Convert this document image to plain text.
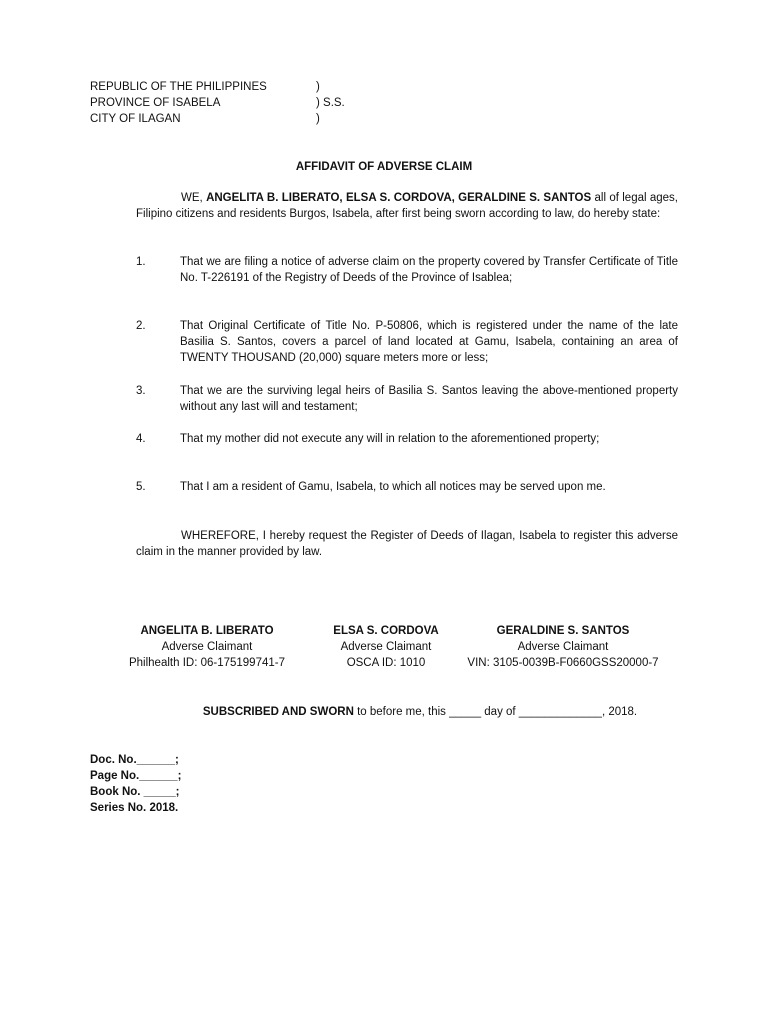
REPUBLIC OF THE PHILIPPINES	)
PROVINCE OF ISABELA	) S.S.
CITY OF ILAGAN	)
AFFIDAVIT OF ADVERSE CLAIM
WE, ANGELITA B. LIBERATO, ELSA S. CORDOVA, GERALDINE S. SANTOS all of legal ages, Filipino citizens and residents Burgos, Isabela, after first being sworn according to law, do hereby state:
1.	That we are filing a notice of adverse claim on the property covered by Transfer Certificate of Title No. T-226191 of the Registry of Deeds of the Province of Isablea;
2.	That Original Certificate of Title No. P-50806, which is registered under the name of the late Basilia S. Santos, covers a parcel of land located at Gamu, Isabela, containing an area of TWENTY THOUSAND (20,000) square meters more or less;
3.	That we are the surviving legal heirs of Basilia S. Santos leaving the above-mentioned property without any last will and testament;
4.	That my mother did not execute any will in relation to the aforementioned property;
5.	That I am a resident of Gamu, Isabela, to which all notices may be served upon me.
WHEREFORE, I hereby request the Register of Deeds of Ilagan, Isabela to register this adverse claim in the manner provided by law.
ANGELITA B. LIBERATO
Adverse Claimant
Philhealth ID: 06-175199741-7
ELSA S. CORDOVA
Adverse Claimant
OSCA ID: 1010
GERALDINE S. SANTOS
Adverse Claimant
VIN: 3105-0039B-F0660GSS20000-7
SUBSCRIBED AND SWORN to before me, this _____ day of _____________, 2018.
Doc. No.______;
Page No.______;
Book No. _____;
Series No. 2018.
